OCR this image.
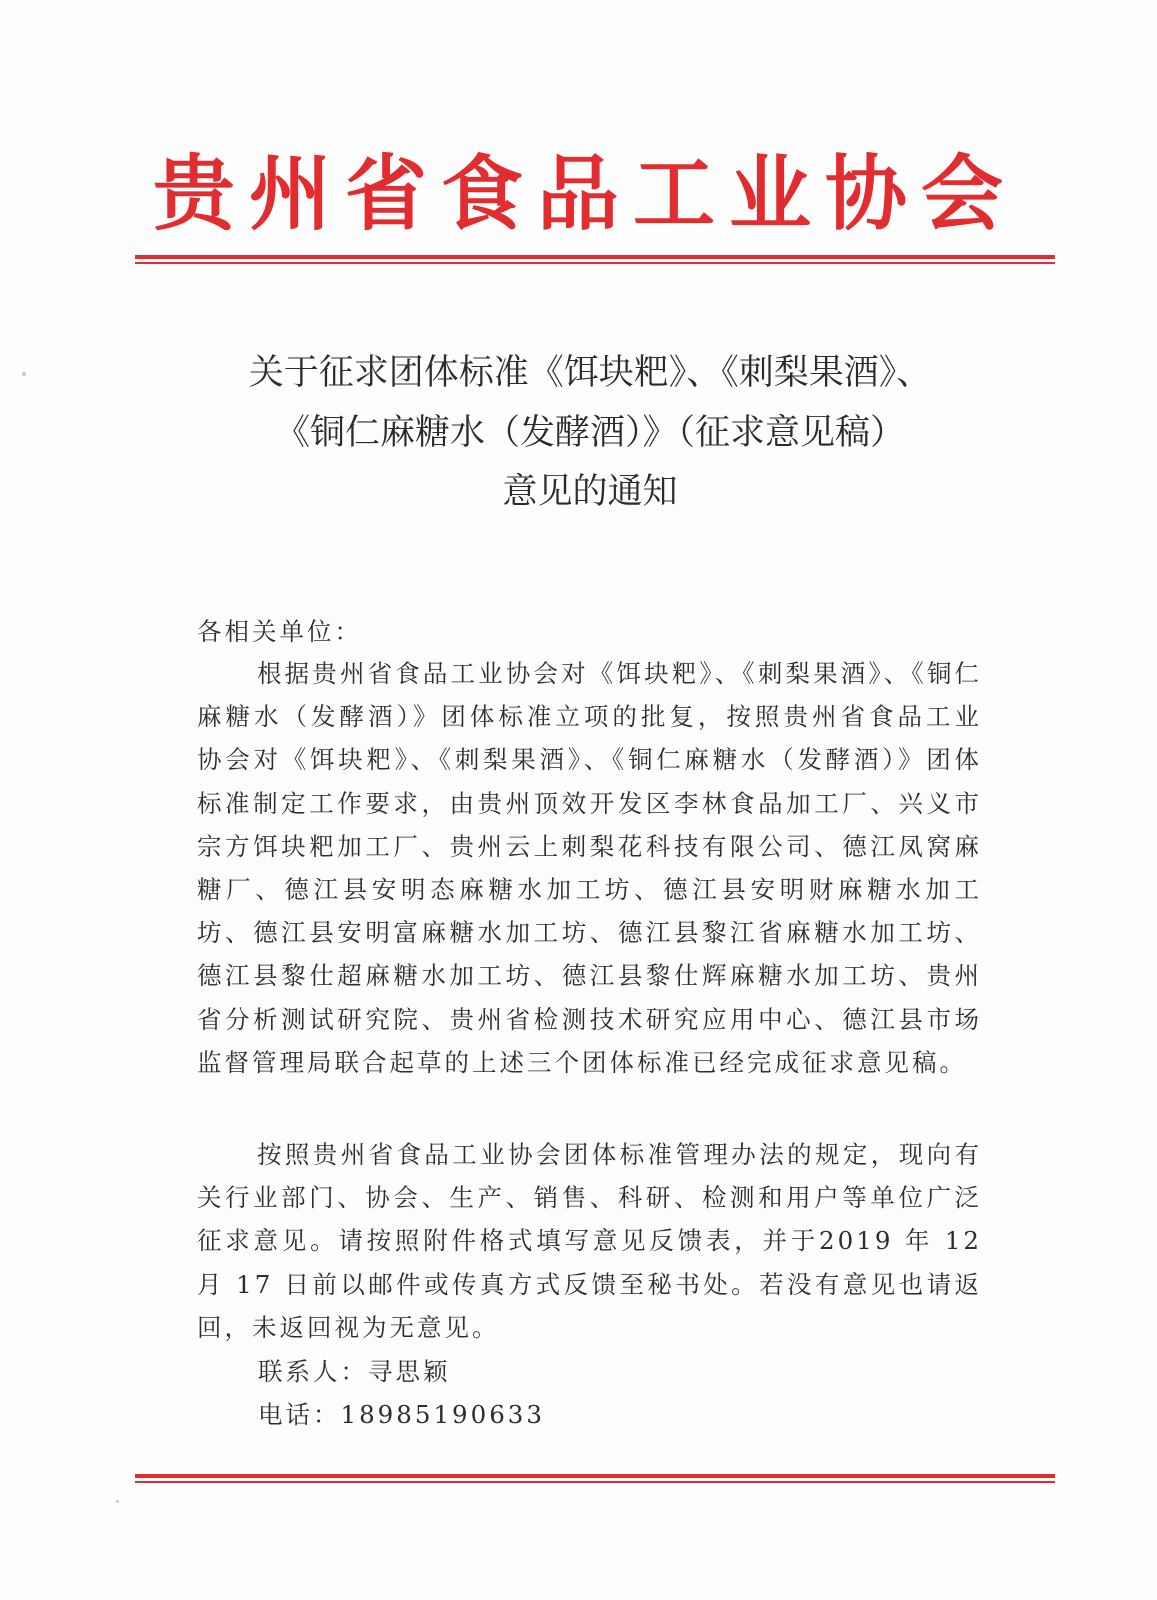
贵州省食品工业协会
关于征求团体标准《饵块粑》、《刺梨果酒》、
《铜仁麻糖水（发酵酒）》（征求意见稿）
意见的通知
各相关单位：
根据贵州省食品工业协会对《饵块粑》、《刺梨果酒》、《铜仁麻糖水（发酵酒）》团体标准立项的批复，按照贵州省食品工业协会对《饵块粑》、《刺梨果酒》、《铜仁麻糖水（发酵酒）》团体标准制定工作要求，由贵州顶效开发区李林食品加工厂、兴义市宗方饵块粑加工厂、贵州云上刺梨花科技有限公司、德江凤窝麻糖厂、德江县安明态麻糖水加工坊、德江县安明财麻糖水加工坊、德江县安明富麻糖水加工坊、德江县黎江省麻糖水加工坊、德江县黎仕超麻糖水加工坊、德江县黎仕辉麻糖水加工坊、贵州省分析测试研究院、贵州省检测技术研究应用中心、德江县市场监督管理局联合起草的上述三个团体标准已经完成征求意见稿。
按照贵州省食品工业协会团体标准管理办法的规定，现向有关行业部门、协会、生产、销售、科研、检测和用户等单位广泛征求意见。请按照附件格式填写意见反馈表，并于2019 年 12 月 17 日前以邮件或传真方式反馈至秘书处。若没有意见也请返回，未返回视为无意见。
联系人：寻思颖
电话：18985190633
